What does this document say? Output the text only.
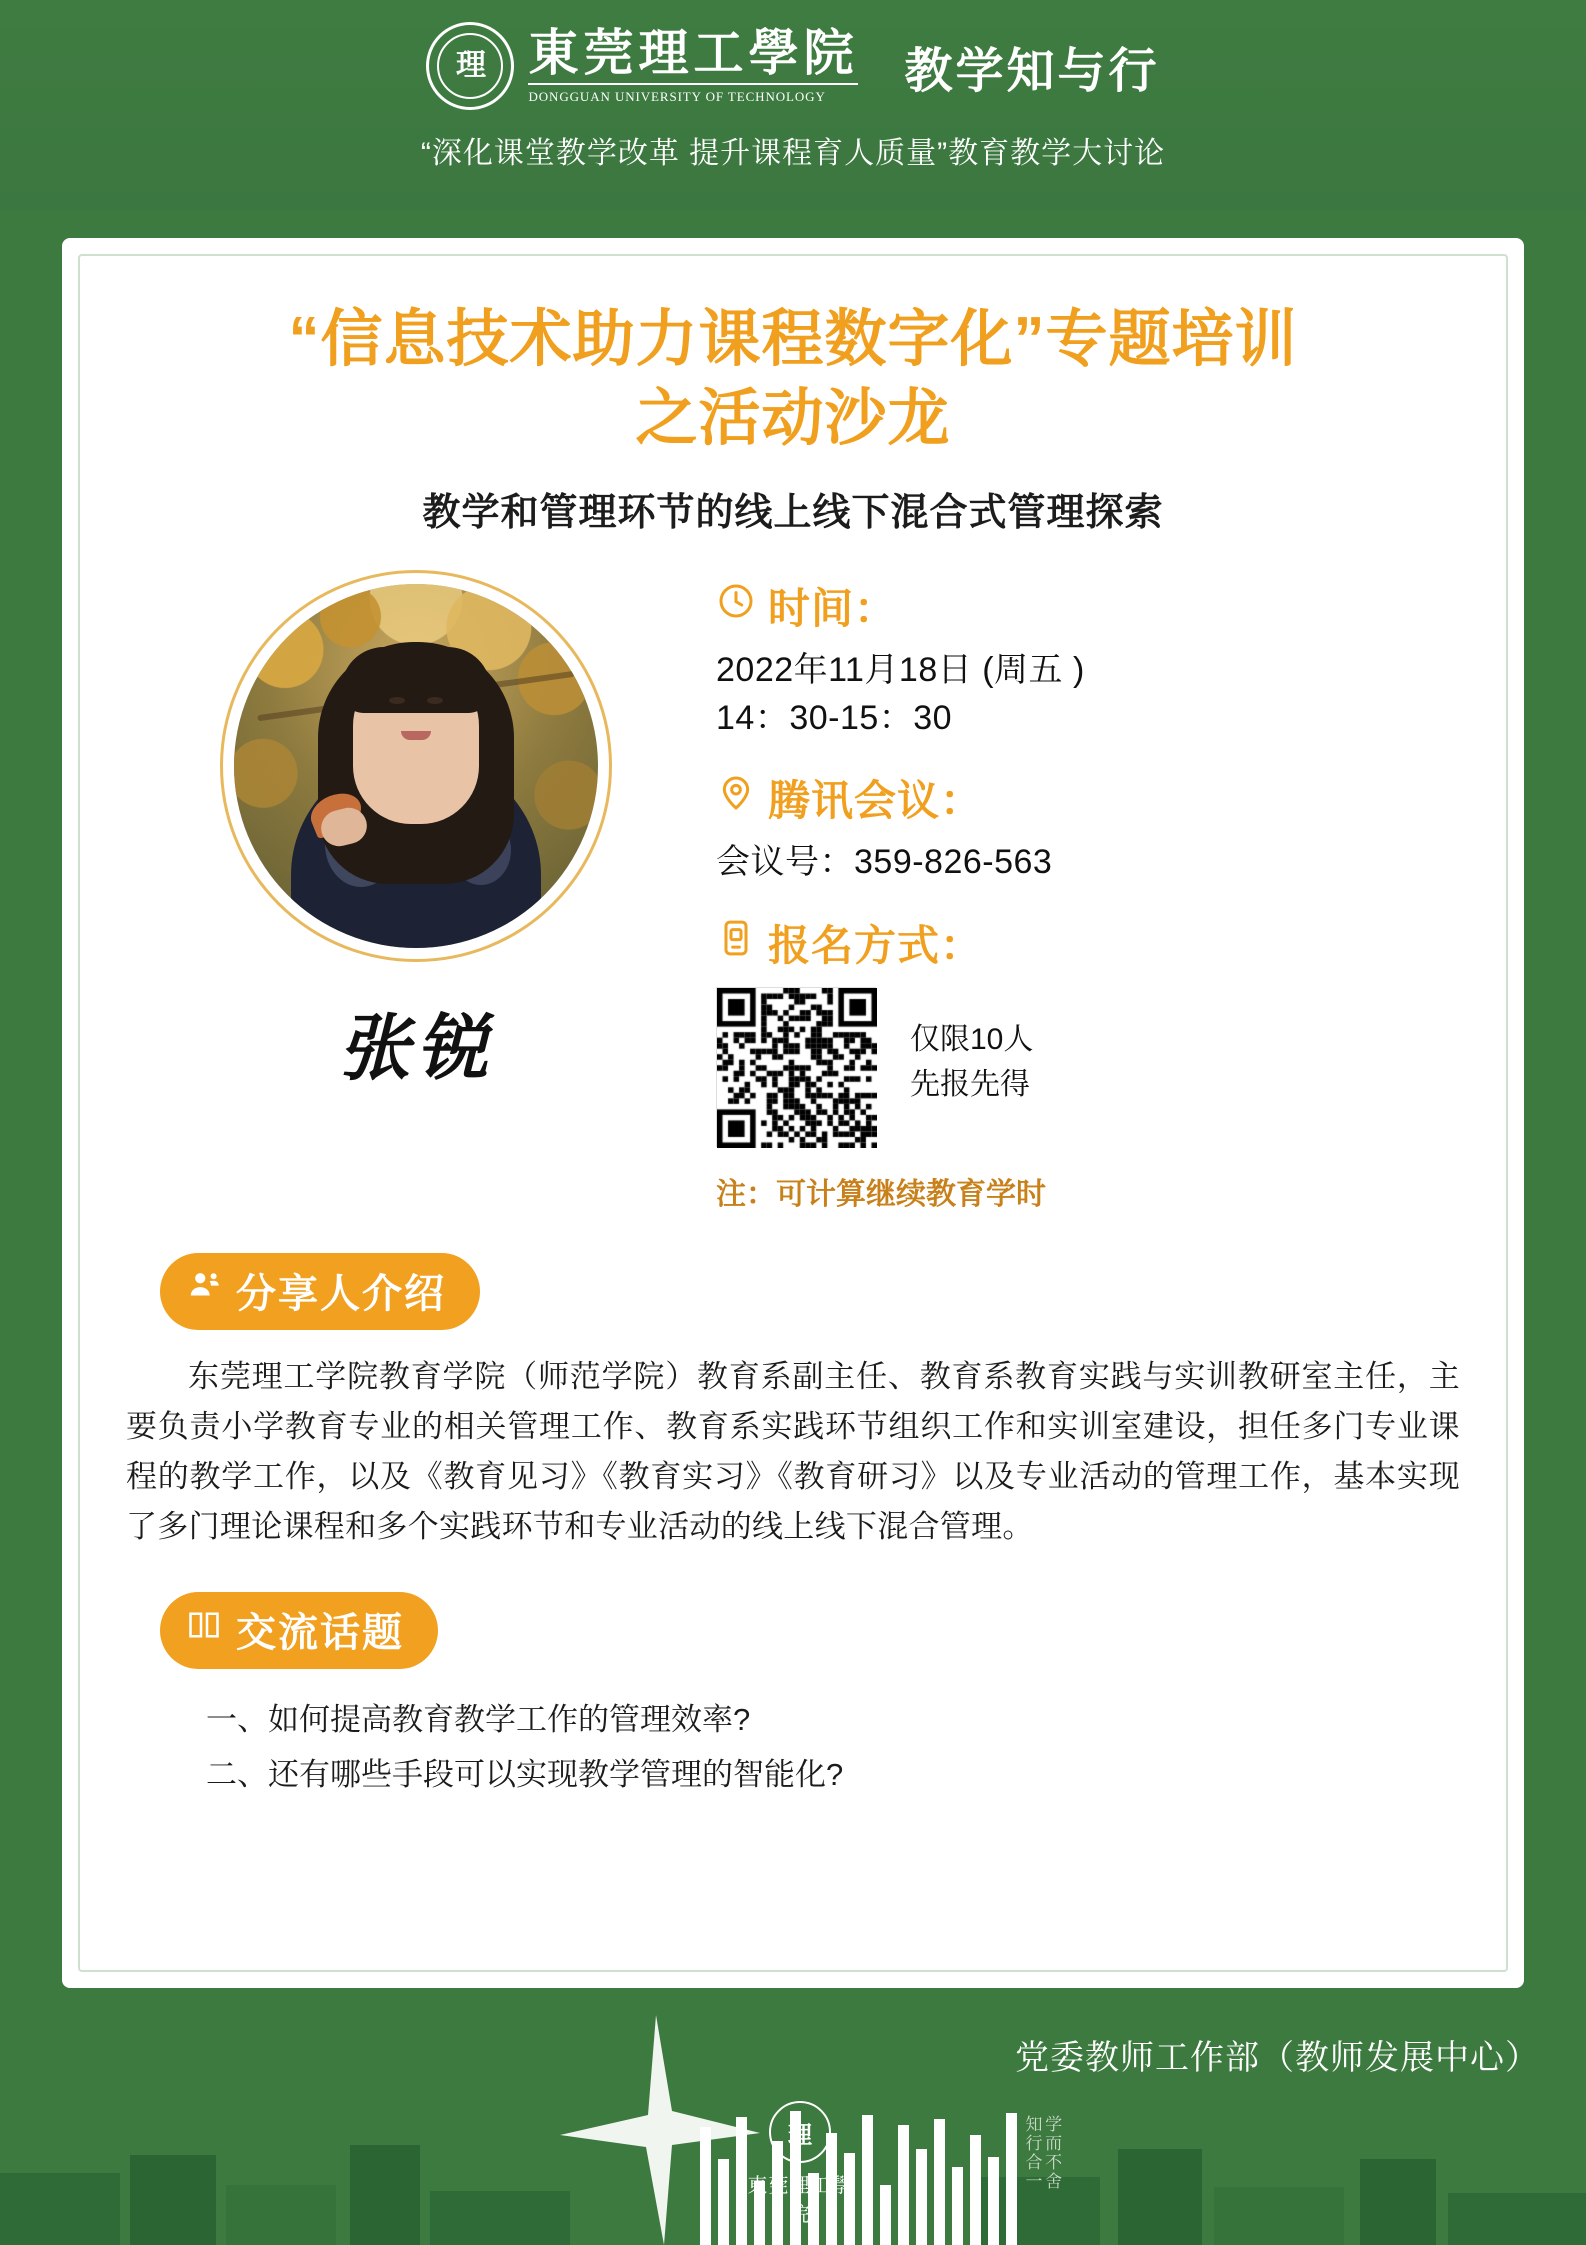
理 東莞理工學院
DONGGUAN UNIVERSITY OF TECHNOLOGY	教学知与行
“深化课堂教学改革 提升课程育人质量”教育教学大讨论
“信息技术助力课程数字化”专题培训
之活动沙龙
教学和管理环节的线上线下混合式管理探索
张锐
时间：
2022年11月18日 (周五 )
14：30-15：30
腾讯会议：
会议号：359-826-563
报名方式：
仅限10人
先报先得
注：可计算继续教育学时
分享人介绍
东莞理工学院教育学院（师范学院）教育系副主任、教育系教育实践与实训教研室主任，主要负责小学教育专业的相关管理工作、教育系实践环节组织工作和实训室建设，担任多门专业课程的教学工作，以及《教育见习》《教育实习》《教育研习》以及专业活动的管理工作，基本实现了多门理论课程和多个实践环节和专业活动的线上线下混合管理。
交流话题
一、如何提高教育教学工作的管理效率?
二、还有哪些手段可以实现教学管理的智能化?
党委教师工作部（教师发展中心）
理
東莞理工學院
学而不舍 知行合一
